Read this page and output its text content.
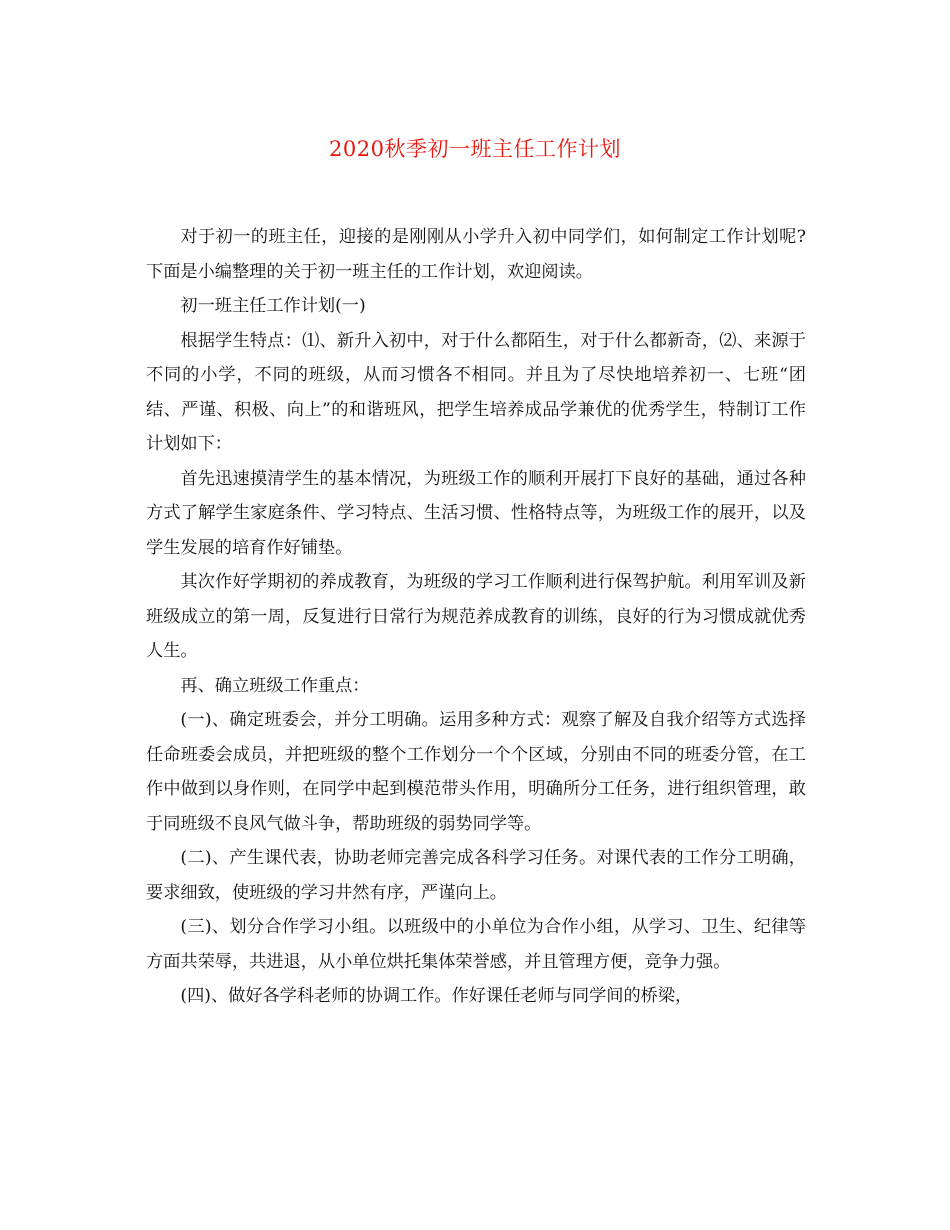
2020秋季初一班主任工作计划

对于初一的班主任，迎接的是刚刚从小学升入初中同学们，如何制定工作计划呢?下面是小编整理的关于初一班主任的工作计划，欢迎阅读。

初一班主任工作计划(一)

根据学生特点：⑴、新升入初中，对于什么都陌生，对于什么都新奇，⑵、来源于不同的小学，不同的班级，从而习惯各不相同。并且为了尽快地培养初一、七班“团结、严谨、积极、向上”的和谐班风，把学生培养成品学兼优的优秀学生，特制订工作计划如下：

首先迅速摸清学生的基本情况，为班级工作的顺利开展打下良好的基础，通过各种方式了解学生家庭条件、学习特点、生活习惯、性格特点等，为班级工作的展开，以及学生发展的培育作好铺垫。

其次作好学期初的养成教育，为班级的学习工作顺利进行保驾护航。利用军训及新班级成立的第一周，反复进行日常行为规范养成教育的训练，良好的行为习惯成就优秀人生。

再、确立班级工作重点：

(一)、确定班委会，并分工明确。运用多种方式：观察了解及自我介绍等方式选择任命班委会成员，并把班级的整个工作划分一个个区域，分别由不同的班委分管，在工作中做到以身作则，在同学中起到模范带头作用，明确所分工任务，进行组织管理，敢于同班级不良风气做斗争，帮助班级的弱势同学等。

(二)、产生课代表，协助老师完善完成各科学习任务。对课代表的工作分工明确，要求细致，使班级的学习井然有序，严谨向上。

(三)、划分合作学习小组。以班级中的小单位为合作小组，从学习、卫生、纪律等方面共荣辱，共进退，从小单位烘托集体荣誉感，并且管理方便，竞争力强。

(四)、做好各学科老师的协调工作。作好课任老师与同学间的桥梁，
